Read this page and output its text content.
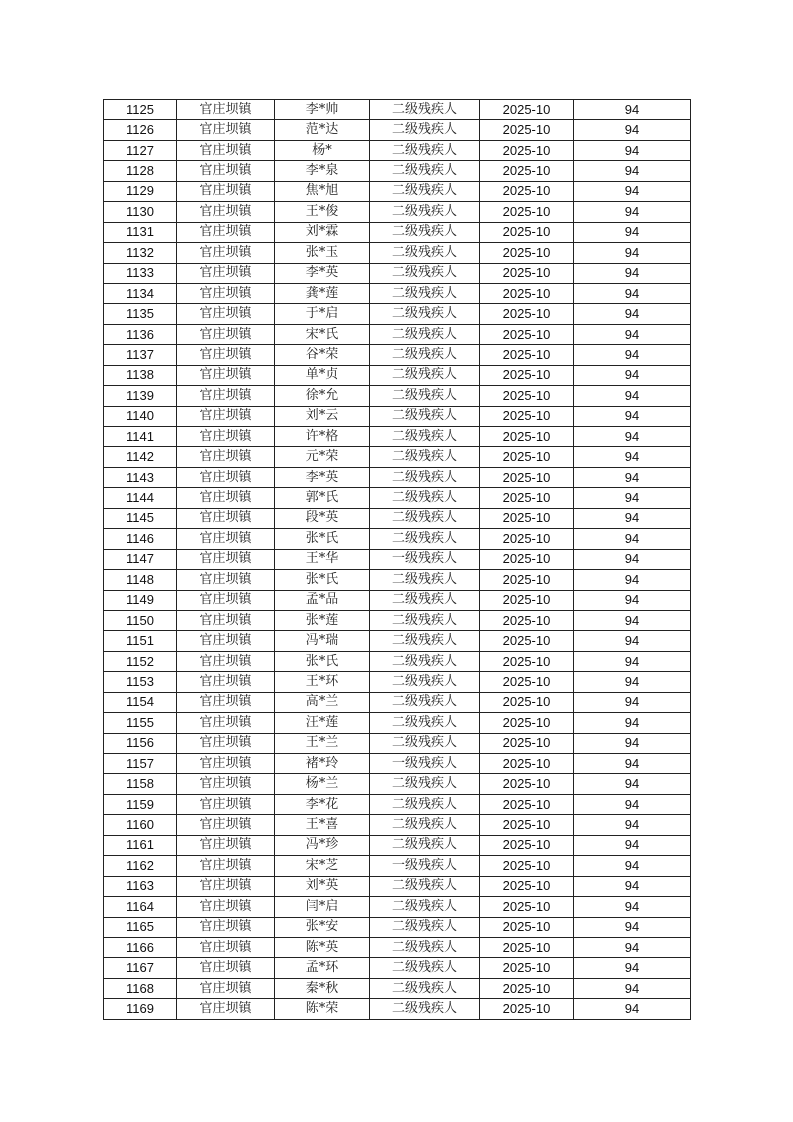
1125	官庄坝镇	李*帅	二级残疾人	2025-10	94
1126	官庄坝镇	范*达	二级残疾人	2025-10	94
1127	官庄坝镇	杨*	二级残疾人	2025-10	94
1128	官庄坝镇	李*泉	二级残疾人	2025-10	94
1129	官庄坝镇	焦*旭	二级残疾人	2025-10	94
1130	官庄坝镇	王*俊	二级残疾人	2025-10	94
1131	官庄坝镇	刘*霖	二级残疾人	2025-10	94
1132	官庄坝镇	张*玉	二级残疾人	2025-10	94
1133	官庄坝镇	李*英	二级残疾人	2025-10	94
1134	官庄坝镇	龚*莲	二级残疾人	2025-10	94
1135	官庄坝镇	于*启	二级残疾人	2025-10	94
1136	官庄坝镇	宋*氏	二级残疾人	2025-10	94
1137	官庄坝镇	谷*荣	二级残疾人	2025-10	94
1138	官庄坝镇	单*贞	二级残疾人	2025-10	94
1139	官庄坝镇	徐*允	二级残疾人	2025-10	94
1140	官庄坝镇	刘*云	二级残疾人	2025-10	94
1141	官庄坝镇	许*格	二级残疾人	2025-10	94
1142	官庄坝镇	元*荣	二级残疾人	2025-10	94
1143	官庄坝镇	李*英	二级残疾人	2025-10	94
1144	官庄坝镇	郭*氏	二级残疾人	2025-10	94
1145	官庄坝镇	段*英	二级残疾人	2025-10	94
1146	官庄坝镇	张*氏	二级残疾人	2025-10	94
1147	官庄坝镇	王*华	一级残疾人	2025-10	94
1148	官庄坝镇	张*氏	二级残疾人	2025-10	94
1149	官庄坝镇	孟*品	二级残疾人	2025-10	94
1150	官庄坝镇	张*莲	二级残疾人	2025-10	94
1151	官庄坝镇	冯*瑞	二级残疾人	2025-10	94
1152	官庄坝镇	张*氏	二级残疾人	2025-10	94
1153	官庄坝镇	王*环	二级残疾人	2025-10	94
1154	官庄坝镇	高*兰	二级残疾人	2025-10	94
1155	官庄坝镇	汪*莲	二级残疾人	2025-10	94
1156	官庄坝镇	王*兰	二级残疾人	2025-10	94
1157	官庄坝镇	褚*玲	一级残疾人	2025-10	94
1158	官庄坝镇	杨*兰	二级残疾人	2025-10	94
1159	官庄坝镇	李*花	二级残疾人	2025-10	94
1160	官庄坝镇	王*喜	二级残疾人	2025-10	94
1161	官庄坝镇	冯*珍	二级残疾人	2025-10	94
1162	官庄坝镇	宋*芝	一级残疾人	2025-10	94
1163	官庄坝镇	刘*英	二级残疾人	2025-10	94
1164	官庄坝镇	闫*启	二级残疾人	2025-10	94
1165	官庄坝镇	张*安	二级残疾人	2025-10	94
1166	官庄坝镇	陈*英	二级残疾人	2025-10	94
1167	官庄坝镇	孟*环	二级残疾人	2025-10	94
1168	官庄坝镇	秦*秋	二级残疾人	2025-10	94
1169	官庄坝镇	陈*荣	二级残疾人	2025-10	94
